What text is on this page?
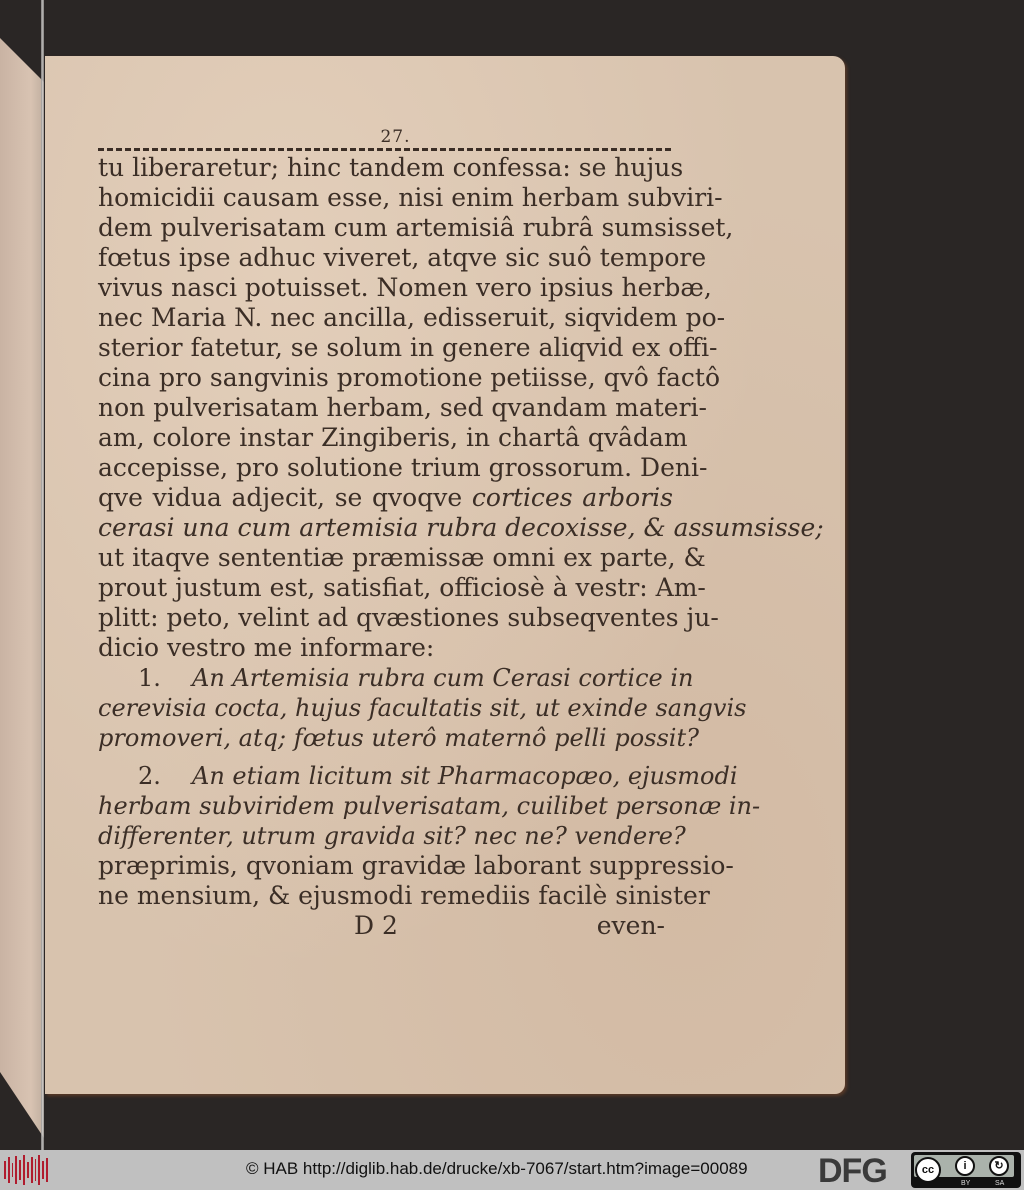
27.
tu liberaretur; hinc tandem confessa: se hujus
homicidii causam esse, nisi enim herbam subviri-
dem pulverisatam cum artemisiâ rubrâ sumsisset,
fœtus ipse adhuc viveret, atqve sic suô tempore
vivus nasci potuisset. Nomen vero ipsius herbæ,
nec Maria N. nec ancilla, edisseruit, siqvidem po-
sterior fatetur, se solum in genere aliqvid ex offi-
cina pro sangvinis promotione petiisse, qvô factô
non pulverisatam herbam, sed qvandam materi-
am, colore instar Zingiberis, in chartâ qvâdam
accepisse, pro solutione trium grossorum. Deni-
qve vidua adjecit, se qvoqve cortices arboris
cerasi una cum artemisia rubra decoxisse, & assumsisse;
ut itaqve sententiæ præmissæ omni ex parte, &
prout justum est, satisfiat, officiosè à vestr: Am-
plitt: peto, velint ad qvæstiones subseqventes ju-
dicio vestro me informare:
1. An Artemisia rubra cum Cerasi cortice in
cerevisia cocta, hujus facultatis sit, ut exinde sangvis
promoveri, atq; fœtus uterô maternô pelli possit?
2. An etiam licitum sit Pharmacopæo, ejusmodi
herbam subviridem pulverisatam, cuilibet personæ in-
differenter, utrum gravida sit? nec ne? vendere?
præprimis, qvoniam gravidæ laborant suppressio-
ne mensium, & ejusmodi remediis facilè sinister
D 2	even-
© HAB http://diglib.hab.de/drucke/xb-7067/start.htm?image=00089 DFG	cc	i	↻
BY	SA
